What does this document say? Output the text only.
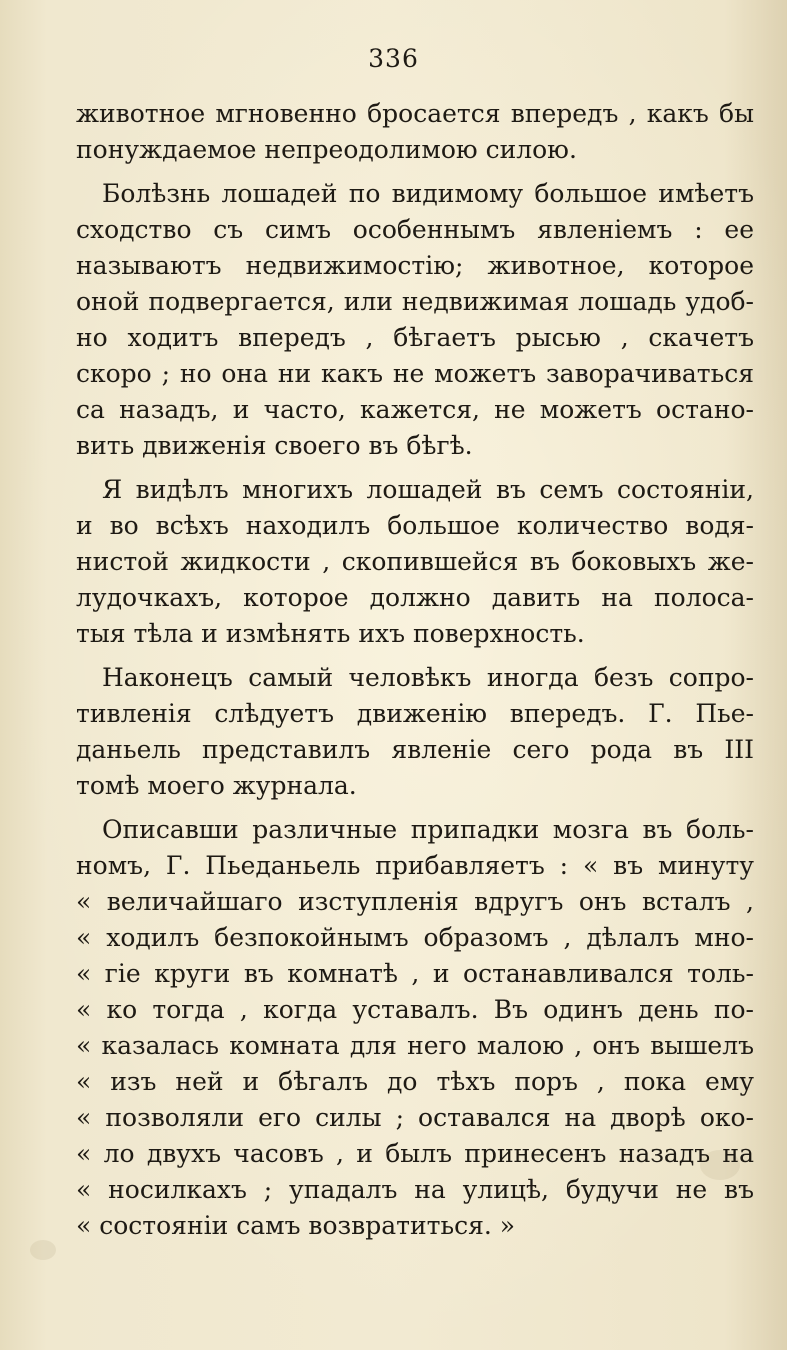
336
животное мгновенно бросается впередъ , какъ бы
понуждаемое непреодолимою силою.
Болѣзнь лошадей по видимому большое имѣетъ
сходство съ симъ особеннымъ явленіемъ : ее
называютъ недвижимостію; животное, которое
оной подвергается, или недвижимая лошадь удоб-
но ходитъ впередъ , бѣгаетъ рысью , скачетъ
скоро ; но она ни какъ не можетъ заворачиваться
са назадъ, и часто, кажется, не можетъ остано-
вить движенія своего въ бѣгѣ.
Я видѣлъ многихъ лошадей въ семъ состояніи,
и во всѣхъ находилъ большое количество водя-
нистой жидкости , скопившейся въ боковыхъ же-
лудочкахъ, которое должно давить на полоса-
тыя тѣла и измѣнять ихъ поверхность.
Наконецъ самый человѣкъ иногда безъ сопро-
тивленія слѣдуетъ движенію впередъ. Г. Пье-
даньель представилъ явленіе сего рода въ III
томѣ моего журнала.
Описавши различные припадки мозга въ боль-
номъ, Г. Пьеданьель прибавляетъ : « въ минуту
« величайшаго изступленія вдругъ онъ всталъ ,
« ходилъ безпокойнымъ образомъ , дѣлалъ мно-
« гіе круги въ комнатѣ , и останавливался толь-
« ко тогда , когда уставалъ. Въ одинъ день по-
« казалась комната для него малою , онъ вышелъ
« изъ ней и бѣгалъ до тѣхъ поръ , пока ему
« позволяли его силы ; оставался на дворѣ око-
« ло двухъ часовъ , и былъ принесенъ назадъ на
« носилкахъ ; упадалъ на улицѣ, будучи не въ
« состояніи самъ возвратиться. »
